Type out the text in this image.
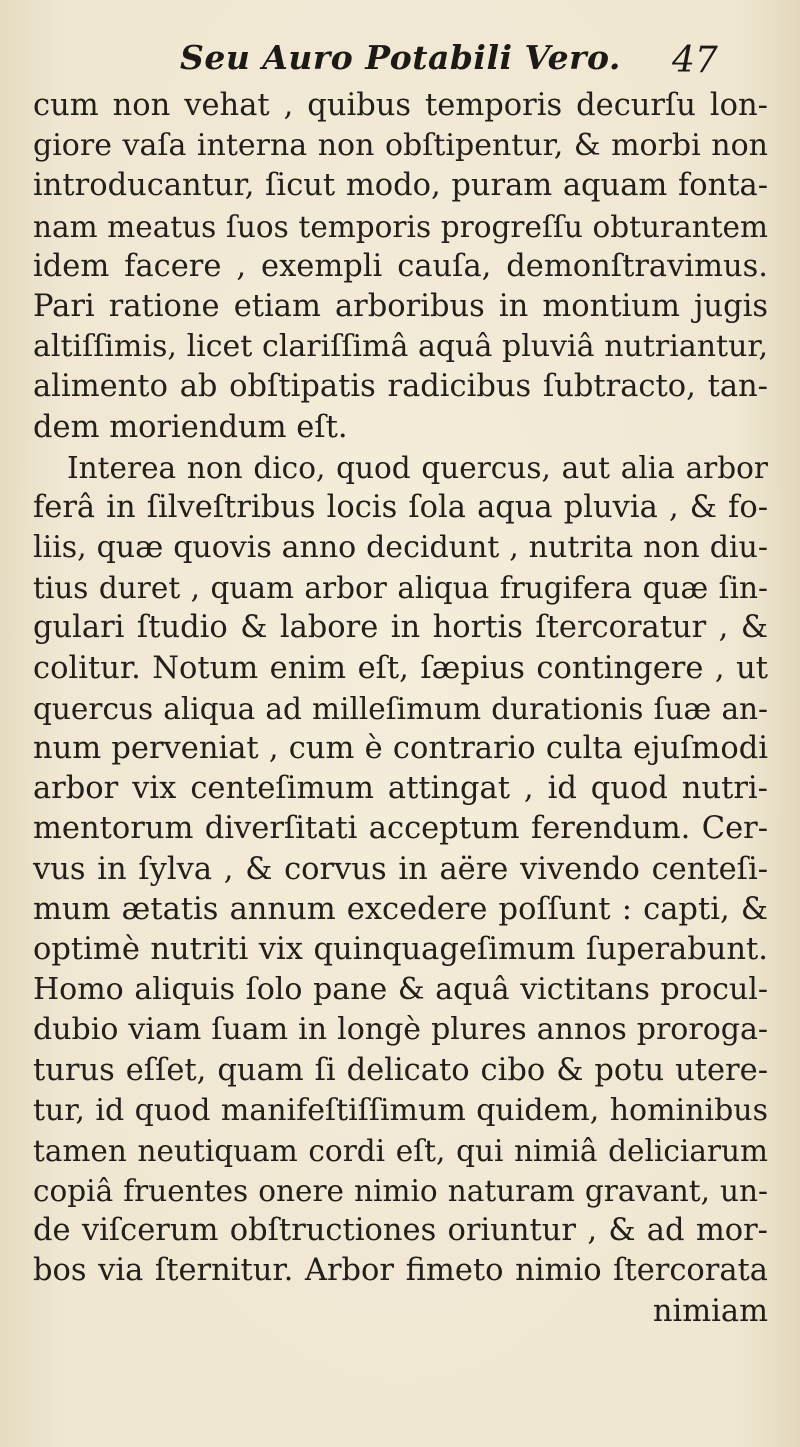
Seu Auro Potabili Vero. 47
cum non vehat , quibus temporis decurſu lon-
giore vaſa interna non obſtipentur, & morbi non
introducantur, ſicut modo, puram aquam fonta-
nam meatus ſuos temporis progreſſu obturantem
idem facere , exempli cauſa, demonſtravimus.
Pari ratione etiam arboribus in montium jugis
altiſſimis, licet clariſſimâ aquâ pluviâ nutriantur,
alimento ab obſtipatis radicibus ſubtracto, tan-
dem moriendum eſt.
Interea non dico, quod quercus, aut alia arbor
ferâ in ſilveſtribus locis ſola aqua pluvia , & fo-
liis, quæ quovis anno decidunt , nutrita non diu-
tius duret , quam arbor aliqua frugifera quæ ſin-
gulari ſtudio & labore in hortis ſtercoratur , &
colitur. Notum enim eſt, ſæpius contingere , ut
quercus aliqua ad milleſimum durationis ſuæ an-
num perveniat , cum è contrario culta ejuſmodi
arbor vix centeſimum attingat , id quod nutri-
mentorum diverſitati acceptum ferendum. Cer-
vus in ſylva , & corvus in aëre vivendo centeſi-
mum ætatis annum excedere poſſunt : capti, &
optimè nutriti vix quinquageſimum ſuperabunt.
Homo aliquis ſolo pane & aquâ victitans procul-
dubio viam ſuam in longè plures annos proroga-
turus eſſet, quam ſi delicato cibo & potu utere-
tur, id quod manifeſtiſſimum quidem, hominibus
tamen neutiquam cordi eſt, qui nimiâ deliciarum
copiâ fruentes onere nimio naturam gravant, un-
de viſcerum obſtructiones oriuntur , & ad mor-
bos via ſternitur. Arbor fimeto nimio ſtercorata
nimiam
